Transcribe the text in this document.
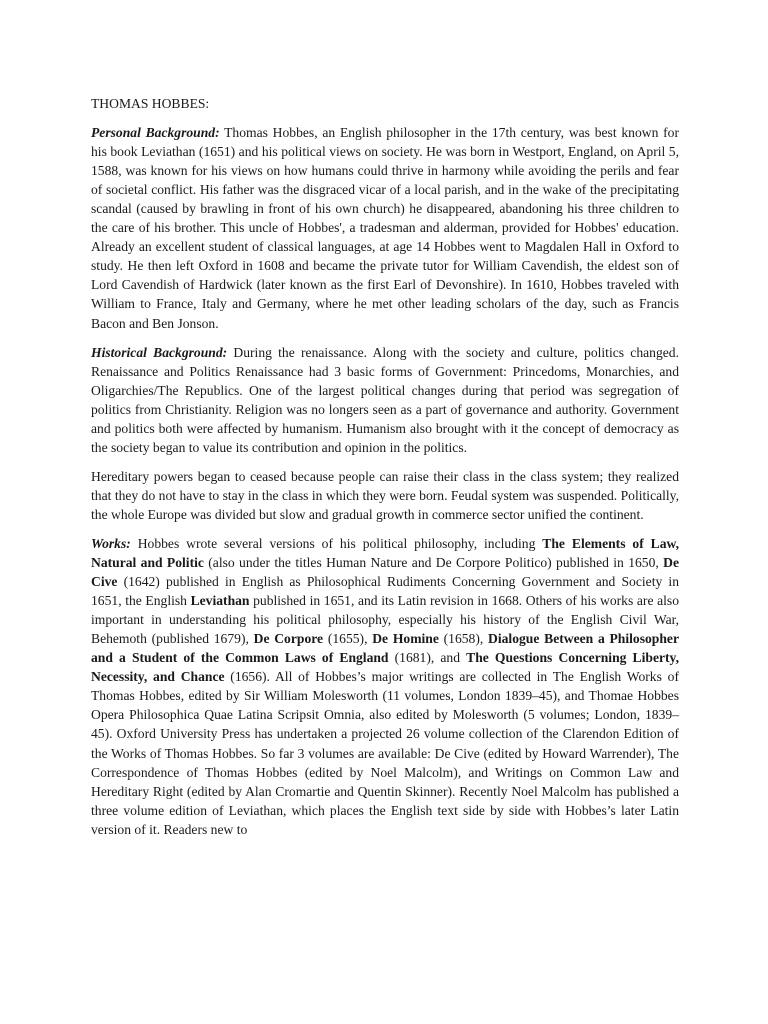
THOMAS HOBBES:

Personal Background: Thomas Hobbes, an English philosopher in the 17th century, was best known for his book Leviathan (1651) and his political views on society. He was born in Westport, England, on April 5, 1588, was known for his views on how humans could thrive in harmony while avoiding the perils and fear of societal conflict. His father was the disgraced vicar of a local parish, and in the wake of the precipitating scandal (caused by brawling in front of his own church) he disappeared, abandoning his three children to the care of his brother. This uncle of Hobbes', a tradesman and alderman, provided for Hobbes' education. Already an excellent student of classical languages, at age 14 Hobbes went to Magdalen Hall in Oxford to study. He then left Oxford in 1608 and became the private tutor for William Cavendish, the eldest son of Lord Cavendish of Hardwick (later known as the first Earl of Devonshire). In 1610, Hobbes traveled with William to France, Italy and Germany, where he met other leading scholars of the day, such as Francis Bacon and Ben Jonson.

Historical Background: During the renaissance. Along with the society and culture, politics changed. Renaissance and Politics Renaissance had 3 basic forms of Government: Princedoms, Monarchies, and Oligarchies/The Republics. One of the largest political changes during that period was segregation of politics from Christianity. Religion was no longers seen as a part of governance and authority. Government and politics both were affected by humanism. Humanism also brought with it the concept of democracy as the society began to value its contribution and opinion in the politics.

Hereditary powers began to ceased because people can raise their class in the class system; they realized that they do not have to stay in the class in which they were born. Feudal system was suspended. Politically, the whole Europe was divided but slow and gradual growth in commerce sector unified the continent.

Works: Hobbes wrote several versions of his political philosophy, including The Elements of Law, Natural and Politic (also under the titles Human Nature and De Corpore Politico) published in 1650, De Cive (1642) published in English as Philosophical Rudiments Concerning Government and Society in 1651, the English Leviathan published in 1651, and its Latin revision in 1668. Others of his works are also important in understanding his political philosophy, especially his history of the English Civil War, Behemoth (published 1679), De Corpore (1655), De Homine (1658), Dialogue Between a Philosopher and a Student of the Common Laws of England (1681), and The Questions Concerning Liberty, Necessity, and Chance (1656). All of Hobbes’s major writings are collected in The English Works of Thomas Hobbes, edited by Sir William Molesworth (11 volumes, London 1839–45), and Thomae Hobbes Opera Philosophica Quae Latina Scripsit Omnia, also edited by Molesworth (5 volumes; London, 1839–45). Oxford University Press has undertaken a projected 26 volume collection of the Clarendon Edition of the Works of Thomas Hobbes. So far 3 volumes are available: De Cive (edited by Howard Warrender), The Correspondence of Thomas Hobbes (edited by Noel Malcolm), and Writings on Common Law and Hereditary Right (edited by Alan Cromartie and Quentin Skinner). Recently Noel Malcolm has published a three volume edition of Leviathan, which places the English text side by side with Hobbes’s later Latin version of it. Readers new to
